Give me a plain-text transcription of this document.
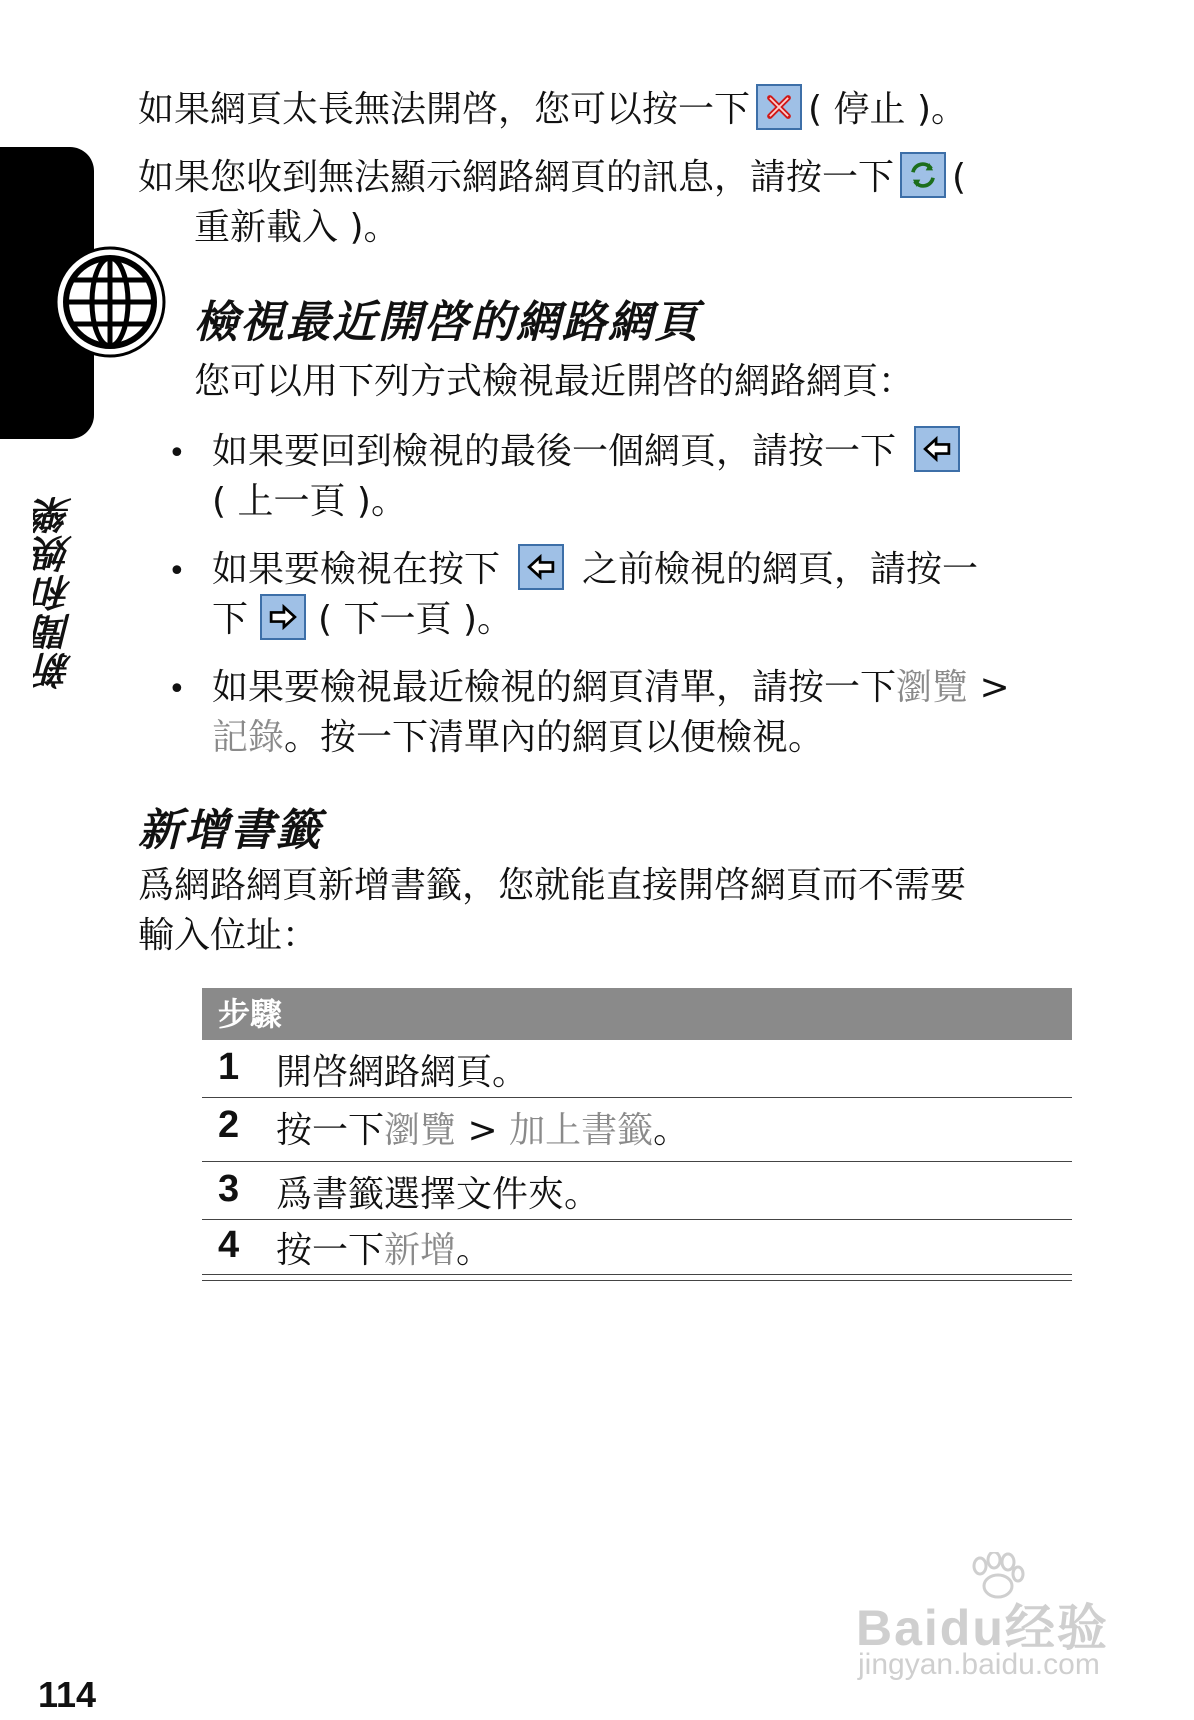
新聞和娛樂
如果網頁太長無法開啓，您可以按一下 ( 停止 )。
如果您收到無法顯示網路網頁的訊息，請按一下 (
重新載入 )。
檢視最近開啓的網路網頁
您可以用下列方式檢視最近開啓的網路網頁：
• 如果要回到檢視的最後一個網頁，請按一下
( 上一頁 )。
• 如果要檢視在按下 之前檢視的網頁，請按一
下 ( 下一頁 )。
• 如果要檢視最近檢視的網頁清單，請按一下瀏覽 >
記錄。按一下清單內的網頁以便檢視。
新增書籤
爲網路網頁新增書籤，您就能直接開啓網頁而不需要
輸入位址：
步驟
1 開啓網路網頁。
2 按一下瀏覽 > 加上書籤。
3 爲書籤選擇文件夾。
4 按一下新增。
114
Baidu经验
jingyan.baidu.com
